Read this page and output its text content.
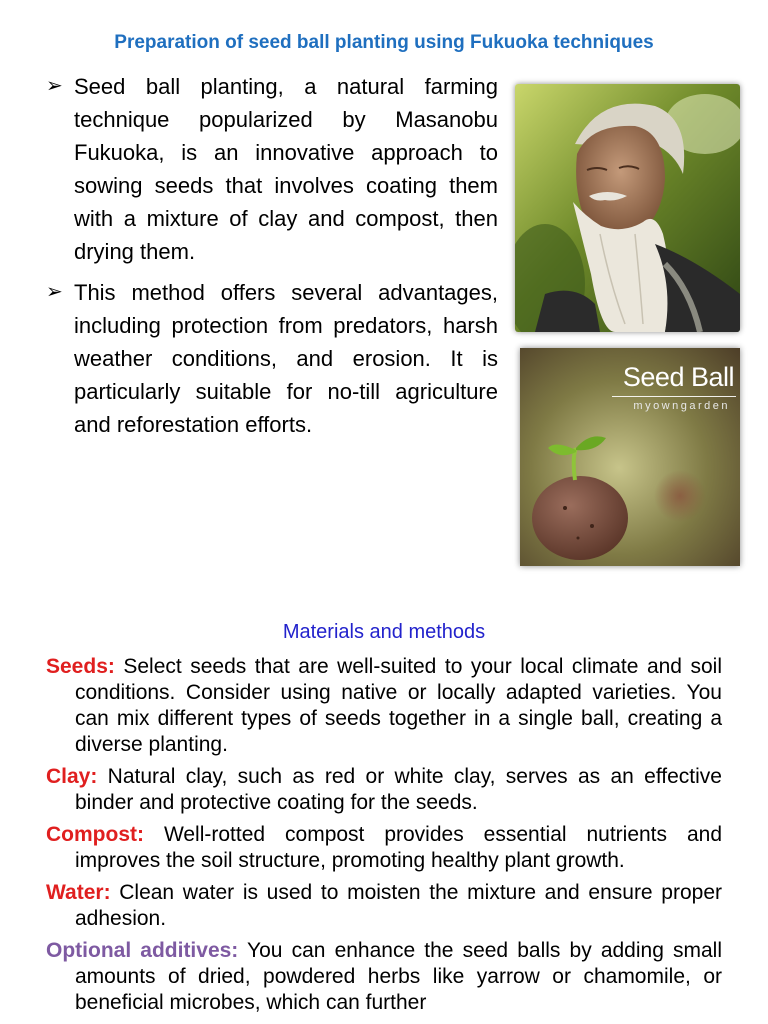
Preparation of seed ball planting using Fukuoka techniques
➢ Seed ball planting, a natural farming technique popularized by Masanobu Fukuoka, is an innovative approach to sowing seeds that involves coating them with a mixture of clay and compost, then drying them.
➢ This method offers several advantages, including protection from predators, harsh weather conditions, and erosion. It is particularly suitable for no-till agriculture and reforestation efforts.
Seed Ball
myowngarden
Materials and methods
Seeds: Select seeds that are well-suited to your local climate and soil conditions. Consider using native or locally adapted varieties. You can mix different types of seeds together in a single ball, creating a diverse planting.
Clay: Natural clay, such as red or white clay, serves as an effective binder and protective coating for the seeds.
Compost: Well-rotted compost provides essential nutrients and improves the soil structure, promoting healthy plant growth.
Water: Clean water is used to moisten the mixture and ensure proper adhesion.
Optional additives: You can enhance the seed balls by adding small amounts of dried, powdered herbs like yarrow or chamomile, or beneficial microbes, which can further
